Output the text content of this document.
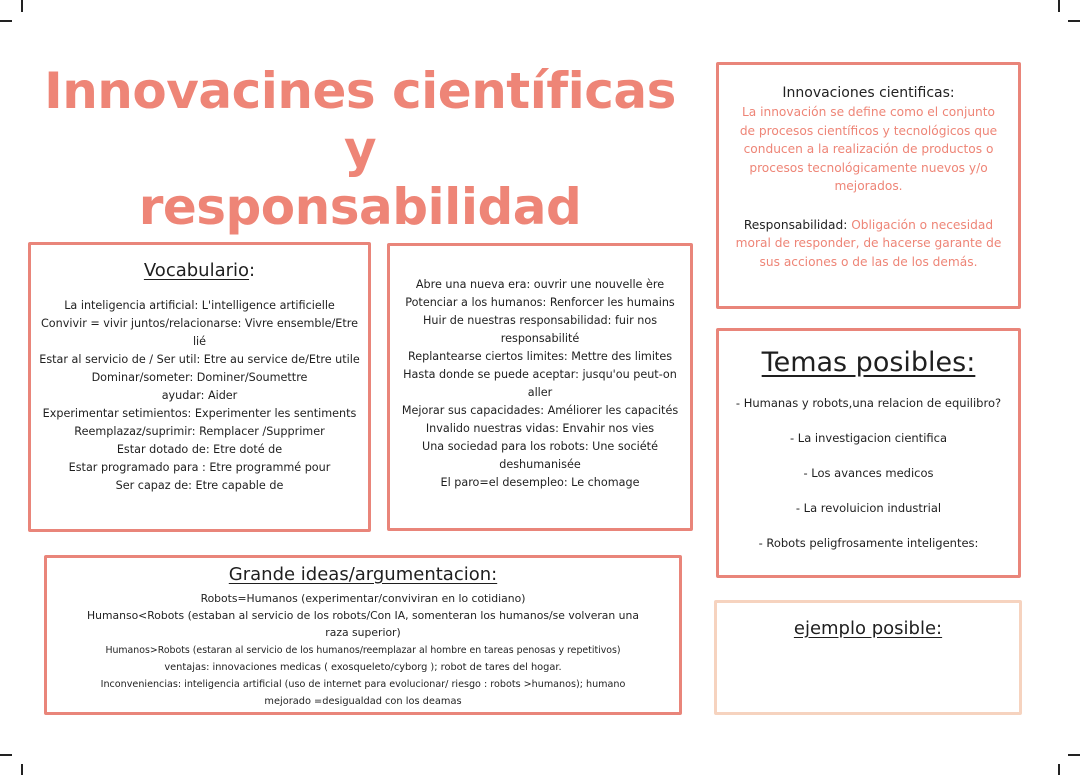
Innovacines científicas y
responsabilidad
Innovaciones cientificas:
La innovación se define como el conjunto
de procesos científicos y tecnológicos que
conducen a la realización de productos o
procesos tecnológicamente nuevos y/o
mejorados.
Responsabilidad: Obligación o necesidad
moral de responder, de hacerse garante de
sus acciones o de las de los demás.
Vocabulario:
La inteligencia artificial: L'intelligence artificielle
Convivir = vivir juntos/relacionarse: Vivre ensemble/Etre
lié
Estar al servicio de / Ser util: Etre au service de/Etre utile
Dominar/someter: Dominer/Soumettre
ayudar: Aider
Experimentar setimientos: Experimenter les sentiments
Reemplazaz/suprimir: Remplacer /Supprimer
Estar dotado de: Etre doté de
Estar programado para : Etre programmé pour
Ser capaz de: Etre capable de
Abre una nueva era: ouvrir une nouvelle ère
Potenciar a los humanos: Renforcer les humains
Huir de nuestras responsabilidad: fuir nos
responsabilité
Replantearse ciertos limites: Mettre des limites
Hasta donde se puede aceptar: jusqu'ou peut-on
aller
Mejorar sus capacidades: Améliorer les capacités
Invalido nuestras vidas: Envahir nos vies
Una sociedad para los robots: Une société
deshumanisée
El paro=el desempleo: Le chomage
Temas posibles:
- Humanas y robots,una relacion de equilibro?
- La investigacion cientifica
- Los avances medicos
- La revoluicion industrial
- Robots peligfrosamente inteligentes:
Grande ideas/argumentacion:
Robots=Humanos (experimentar/conviviran en lo cotidiano)
Humanso<Robots (estaban al servicio de los robots/Con IA, somenteran los humanos/se volveran una
raza superior)
Humanos>Robots (estaran al servicio de los humanos/reemplazar al hombre en tareas penosas y repetitivos)
ventajas: innovaciones medicas ( exosqueleto/cyborg ); robot de tares del hogar.
Inconveniencias: inteligencia artificial (uso de internet para evolucionar/ riesgo : robots >humanos); humano
mejorado =desigualdad con los deamas
ejemplo posible:
